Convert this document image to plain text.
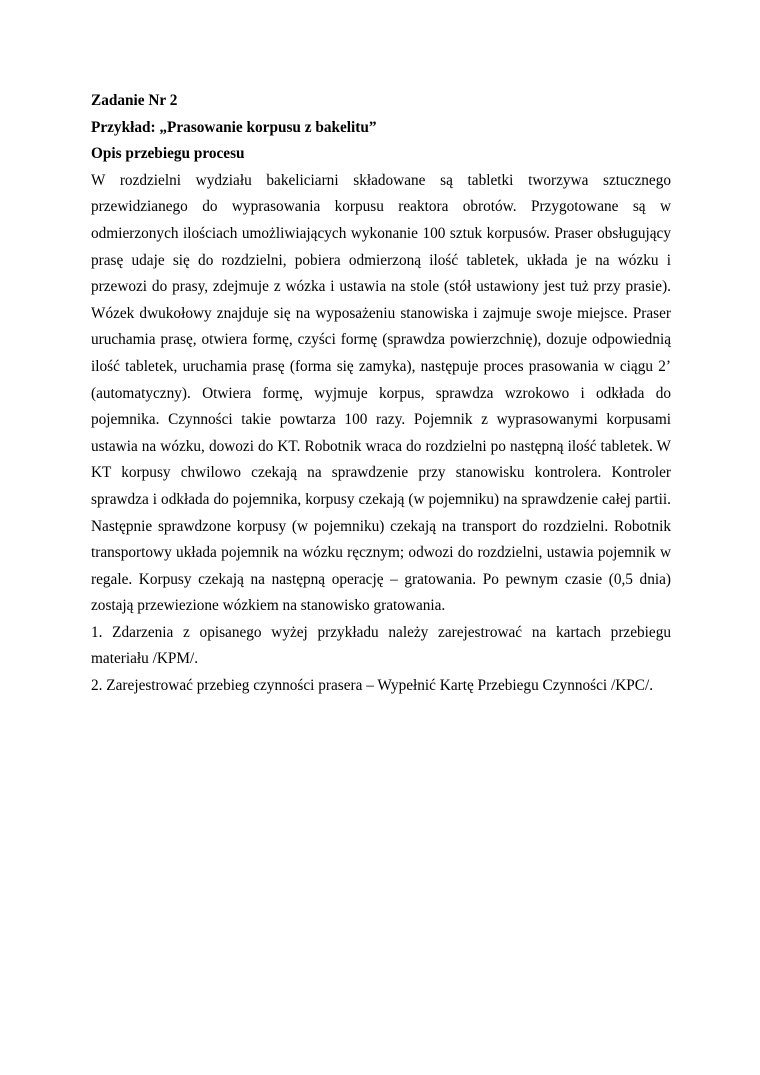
Zadanie Nr 2

Przykład: „Prasowanie korpusu z bakelitu”

Opis przebiegu procesu

W rozdzielni wydziału bakeliciarni składowane są tabletki tworzywa sztucznego przewidzianego do wyprasowania korpusu reaktora obrotów. Przygotowane są w odmierzonych ilościach umożliwiających wykonanie 100 sztuk korpusów. Praser obsługujący prasę udaje się do rozdzielni, pobiera odmierzoną ilość tabletek, układa je na wózku i przewozi do prasy, zdejmuje z wózka i ustawia na stole (stół ustawiony jest tuż przy prasie). Wózek dwukołowy znajduje się na wyposażeniu stanowiska i zajmuje swoje miejsce. Praser uruchamia prasę, otwiera formę, czyści formę (sprawdza powierzchnię), dozuje odpowiednią ilość tabletek, uruchamia prasę (forma się zamyka), następuje proces prasowania w ciągu 2’ (automatyczny). Otwiera formę, wyjmuje korpus, sprawdza wzrokowo i odkłada do pojemnika. Czynności takie powtarza 100 razy. Pojemnik z wyprasowanymi korpusami ustawia na wózku, dowozi do KT. Robotnik wraca do rozdzielni po następną ilość tabletek. W KT korpusy chwilowo czekają na sprawdzenie przy stanowisku kontrolera. Kontroler sprawdza i odkłada do pojemnika, korpusy czekają (w pojemniku) na sprawdzenie całej partii. Następnie sprawdzone korpusy (w pojemniku) czekają na transport do rozdzielni. Robotnik transportowy układa pojemnik na wózku ręcznym; odwozi do rozdzielni, ustawia pojemnik w regale. Korpusy czekają na następną operację – gratowania. Po pewnym czasie (0,5 dnia) zostają przewiezione wózkiem na stanowisko gratowania.

1. Zdarzenia z opisanego wyżej przykładu należy zarejestrować na kartach przebiegu materiału /KPM/.

2. Zarejestrować przebieg czynności prasera – Wypełnić Kartę Przebiegu Czynności /KPC/.
